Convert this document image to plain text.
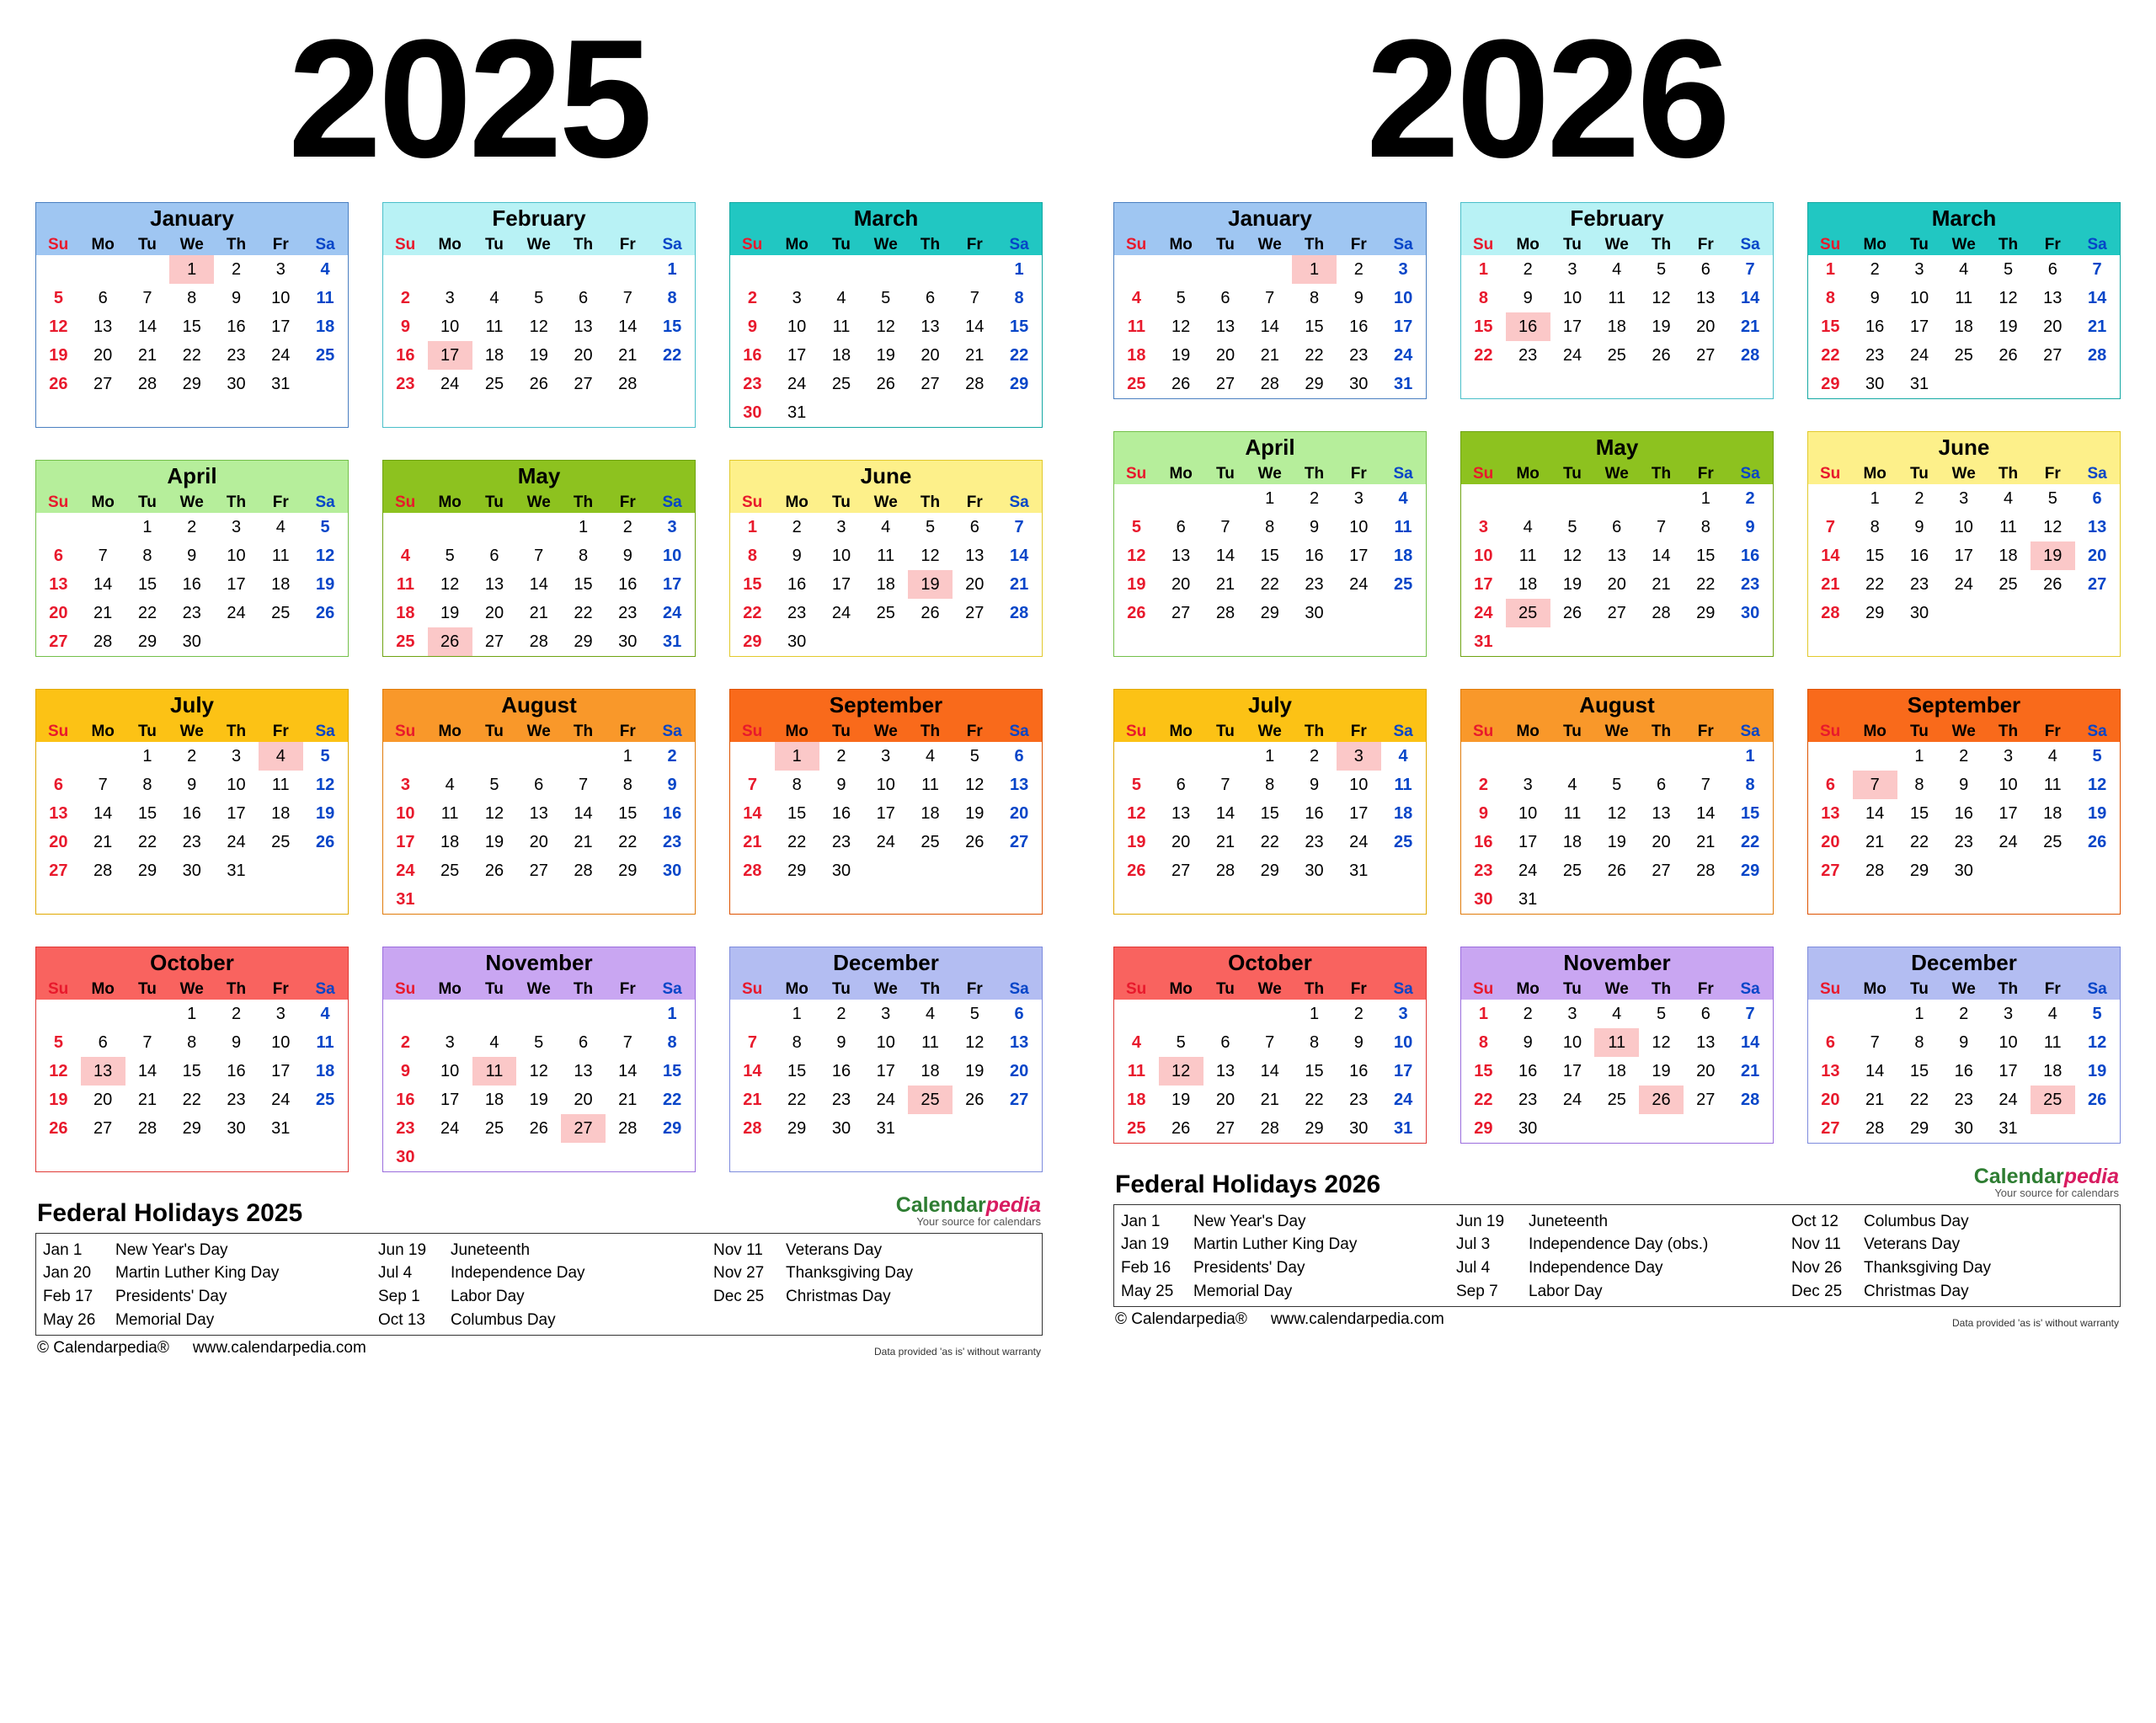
2025
January
Su	Mo	Tu	We	Th	Fr	Sa
			1	2	3	4
5	6	7	8	9	10	11
12	13	14	15	16	17	18
19	20	21	22	23	24	25
26	27	28	29	30	31	
February
Su	Mo	Tu	We	Th	Fr	Sa
						1
2	3	4	5	6	7	8
9	10	11	12	13	14	15
16	17	18	19	20	21	22
23	24	25	26	27	28	
March
Su	Mo	Tu	We	Th	Fr	Sa
						1
2	3	4	5	6	7	8
9	10	11	12	13	14	15
16	17	18	19	20	21	22
23	24	25	26	27	28	29
30	31					
April
Su	Mo	Tu	We	Th	Fr	Sa
		1	2	3	4	5
6	7	8	9	10	11	12
13	14	15	16	17	18	19
20	21	22	23	24	25	26
27	28	29	30			
May
Su	Mo	Tu	We	Th	Fr	Sa
				1	2	3
4	5	6	7	8	9	10
11	12	13	14	15	16	17
18	19	20	21	22	23	24
25	26	27	28	29	30	31
June
Su	Mo	Tu	We	Th	Fr	Sa
1	2	3	4	5	6	7
8	9	10	11	12	13	14
15	16	17	18	19	20	21
22	23	24	25	26	27	28
29	30					
July
Su	Mo	Tu	We	Th	Fr	Sa
		1	2	3	4	5
6	7	8	9	10	11	12
13	14	15	16	17	18	19
20	21	22	23	24	25	26
27	28	29	30	31		
August
Su	Mo	Tu	We	Th	Fr	Sa
					1	2
3	4	5	6	7	8	9
10	11	12	13	14	15	16
17	18	19	20	21	22	23
24	25	26	27	28	29	30
31						
September
Su	Mo	Tu	We	Th	Fr	Sa
	1	2	3	4	5	6
7	8	9	10	11	12	13
14	15	16	17	18	19	20
21	22	23	24	25	26	27
28	29	30				
October
Su	Mo	Tu	We	Th	Fr	Sa
			1	2	3	4
5	6	7	8	9	10	11
12	13	14	15	16	17	18
19	20	21	22	23	24	25
26	27	28	29	30	31	
November
Su	Mo	Tu	We	Th	Fr	Sa
						1
2	3	4	5	6	7	8
9	10	11	12	13	14	15
16	17	18	19	20	21	22
23	24	25	26	27	28	29
30						
December
Su	Mo	Tu	We	Th	Fr	Sa
	1	2	3	4	5	6
7	8	9	10	11	12	13
14	15	16	17	18	19	20
21	22	23	24	25	26	27
28	29	30	31			
Federal Holidays 2025	Calendarpedia
Your source for calendars
Jan 1	New Year's Day
Jan 20	Martin Luther King Day
Feb 17	Presidents' Day
May 26	Memorial Day
Jun 19	Juneteenth
Jul 4	Independence Day
Sep 1	Labor Day
Oct 13	Columbus Day
Nov 11	Veterans Day
Nov 27	Thanksgiving Day
Dec 25	Christmas Day
© Calendarpedia® www.calendarpedia.com	Data provided 'as is' without warranty
2026
January
Su	Mo	Tu	We	Th	Fr	Sa
				1	2	3
4	5	6	7	8	9	10
11	12	13	14	15	16	17
18	19	20	21	22	23	24
25	26	27	28	29	30	31
February
Su	Mo	Tu	We	Th	Fr	Sa
1	2	3	4	5	6	7
8	9	10	11	12	13	14
15	16	17	18	19	20	21
22	23	24	25	26	27	28
March
Su	Mo	Tu	We	Th	Fr	Sa
1	2	3	4	5	6	7
8	9	10	11	12	13	14
15	16	17	18	19	20	21
22	23	24	25	26	27	28
29	30	31				
April
Su	Mo	Tu	We	Th	Fr	Sa
			1	2	3	4
5	6	7	8	9	10	11
12	13	14	15	16	17	18
19	20	21	22	23	24	25
26	27	28	29	30		
May
Su	Mo	Tu	We	Th	Fr	Sa
					1	2
3	4	5	6	7	8	9
10	11	12	13	14	15	16
17	18	19	20	21	22	23
24	25	26	27	28	29	30
31						
June
Su	Mo	Tu	We	Th	Fr	Sa
	1	2	3	4	5	6
7	8	9	10	11	12	13
14	15	16	17	18	19	20
21	22	23	24	25	26	27
28	29	30				
July
Su	Mo	Tu	We	Th	Fr	Sa
			1	2	3	4
5	6	7	8	9	10	11
12	13	14	15	16	17	18
19	20	21	22	23	24	25
26	27	28	29	30	31	
August
Su	Mo	Tu	We	Th	Fr	Sa
						1
2	3	4	5	6	7	8
9	10	11	12	13	14	15
16	17	18	19	20	21	22
23	24	25	26	27	28	29
30	31					
September
Su	Mo	Tu	We	Th	Fr	Sa
		1	2	3	4	5
6	7	8	9	10	11	12
13	14	15	16	17	18	19
20	21	22	23	24	25	26
27	28	29	30			
October
Su	Mo	Tu	We	Th	Fr	Sa
				1	2	3
4	5	6	7	8	9	10
11	12	13	14	15	16	17
18	19	20	21	22	23	24
25	26	27	28	29	30	31
November
Su	Mo	Tu	We	Th	Fr	Sa
1	2	3	4	5	6	7
8	9	10	11	12	13	14
15	16	17	18	19	20	21
22	23	24	25	26	27	28
29	30					
December
Su	Mo	Tu	We	Th	Fr	Sa
		1	2	3	4	5
6	7	8	9	10	11	12
13	14	15	16	17	18	19
20	21	22	23	24	25	26
27	28	29	30	31		
Federal Holidays 2026	Calendarpedia
Your source for calendars
Jan 1	New Year's Day
Jan 19	Martin Luther King Day
Feb 16	Presidents' Day
May 25	Memorial Day
Jun 19	Juneteenth
Jul 3	Independence Day (obs.)
Jul 4	Independence Day
Sep 7	Labor Day
Oct 12	Columbus Day
Nov 11	Veterans Day
Nov 26	Thanksgiving Day
Dec 25	Christmas Day
© Calendarpedia® www.calendarpedia.com	Data provided 'as is' without warranty
